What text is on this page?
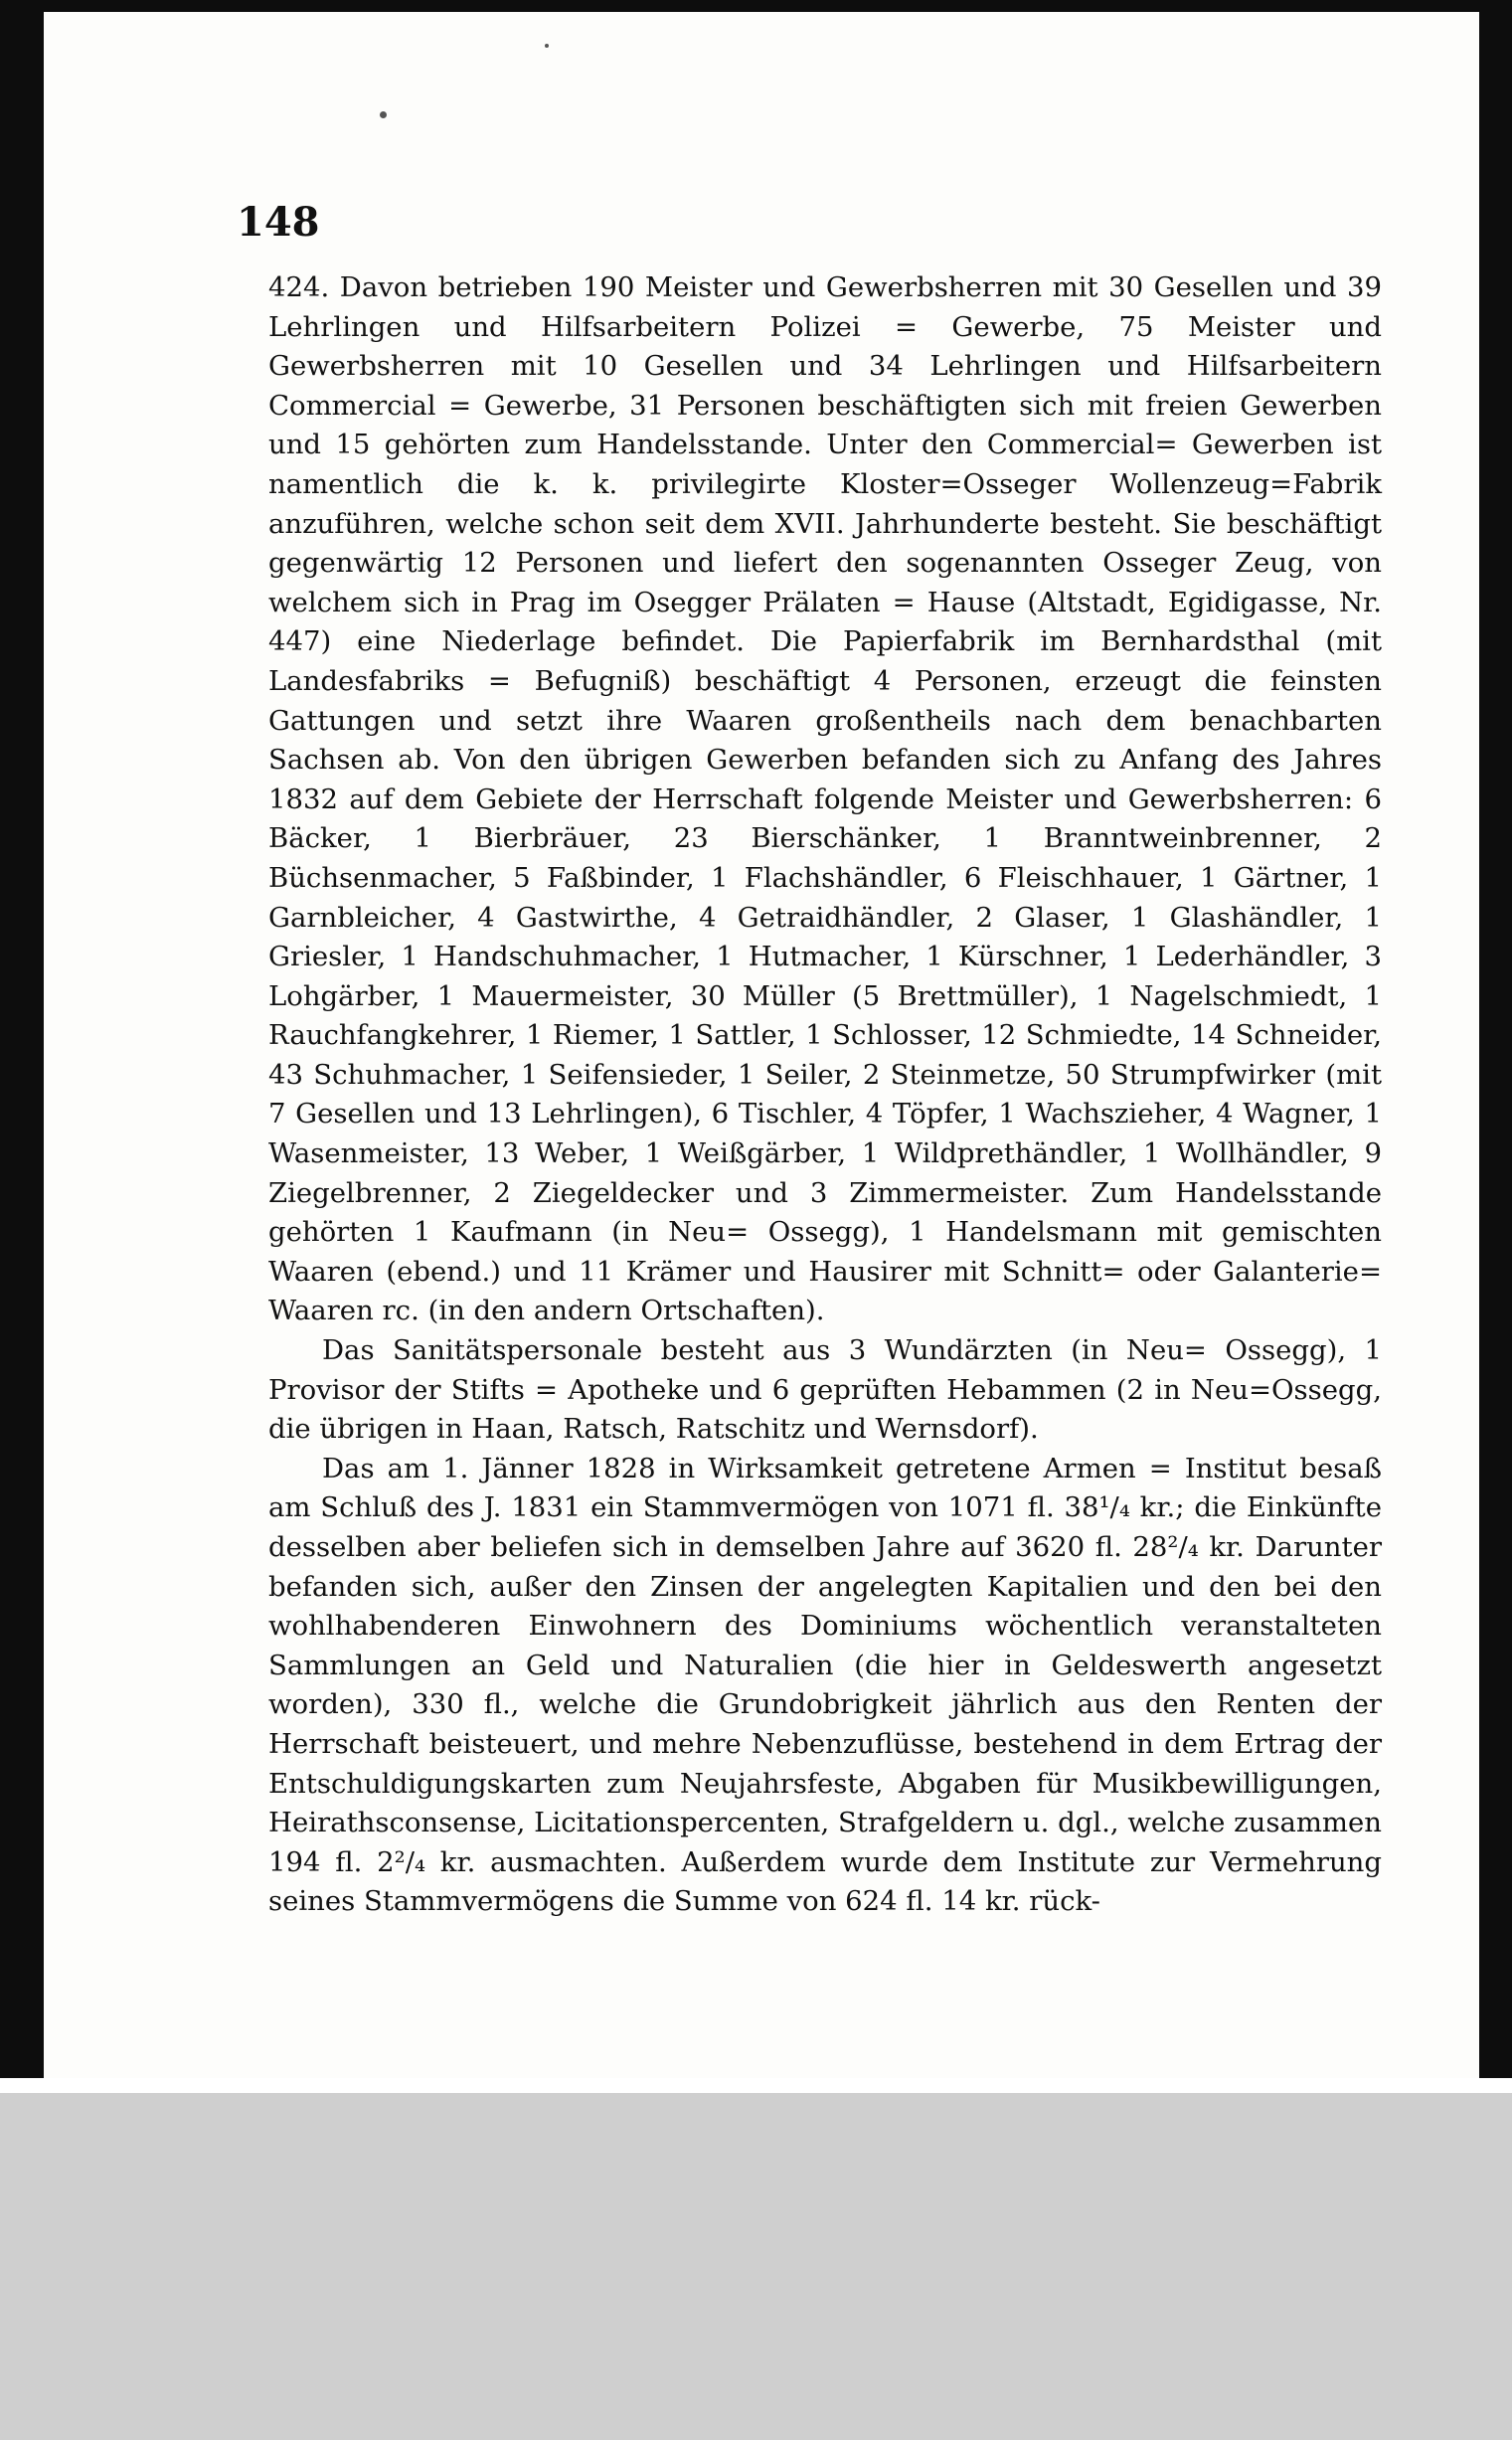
148

424. Davon betrieben 190 Meister und Gewerbsherren mit 30 Gesellen und 39 Lehrlingen und Hilfsarbeitern Polizei = Gewerbe, 75 Meister und Gewerbsherren mit 10 Gesellen und 34 Lehrlingen und Hilfsarbeitern Commercial = Gewerbe, 31 Personen beschäftigten sich mit freien Gewerben und 15 gehörten zum Handelsstande. Unter den Commercial= Gewerben ist namentlich die k. k. privilegirte Kloster=Osseger Wollenzeug=Fabrik anzuführen, welche schon seit dem XVII. Jahrhunderte besteht. Sie beschäftigt gegenwärtig 12 Personen und liefert den sogenannten Osseger Zeug, von welchem sich in Prag im Osegger Prälaten = Hause (Altstadt, Egidigasse, Nr. 447) eine Niederlage befindet. Die Papierfabrik im Bernhardsthal (mit Landesfabriks = Befugniß) beschäftigt 4 Personen, erzeugt die feinsten Gattungen und setzt ihre Waaren großentheils nach dem benachbarten Sachsen ab. Von den übrigen Gewerben befanden sich zu Anfang des Jahres 1832 auf dem Gebiete der Herrschaft folgende Meister und Gewerbsherren: 6 Bäcker, 1 Bierbräuer, 23 Bierschänker, 1 Branntweinbrenner, 2 Büchsenmacher, 5 Faßbinder, 1 Flachshändler, 6 Fleischhauer, 1 Gärtner, 1 Garnbleicher, 4 Gastwirthe, 4 Getraidhändler, 2 Glaser, 1 Glashändler, 1 Griesler, 1 Handschuhmacher, 1 Hutmacher, 1 Kürschner, 1 Lederhändler, 3 Lohgärber, 1 Mauermeister, 30 Müller (5 Brettmüller), 1 Nagelschmiedt, 1 Rauchfangkehrer, 1 Riemer, 1 Sattler, 1 Schlosser, 12 Schmiedte, 14 Schneider, 43 Schuhmacher, 1 Seifensieder, 1 Seiler, 2 Steinmetze, 50 Strumpfwirker (mit 7 Gesellen und 13 Lehrlingen), 6 Tischler, 4 Töpfer, 1 Wachszieher, 4 Wagner, 1 Wasenmeister, 13 Weber, 1 Weißgärber, 1 Wildprethändler, 1 Wollhändler, 9 Ziegelbrenner, 2 Ziegeldecker und 3 Zimmermeister. Zum Handelsstande gehörten 1 Kaufmann (in Neu= Ossegg), 1 Handelsmann mit gemischten Waaren (ebend.) und 11 Krämer und Hausirer mit Schnitt= oder Galanterie= Waaren rc. (in den andern Ortschaften).

Das Sanitätspersonale besteht aus 3 Wundärzten (in Neu= Ossegg), 1 Provisor der Stifts = Apotheke und 6 geprüften Hebammen (2 in Neu=Ossegg, die übrigen in Haan, Ratsch, Ratschitz und Wernsdorf).

Das am 1. Jänner 1828 in Wirksamkeit getretene Armen = Institut besaß am Schluß des J. 1831 ein Stammvermögen von 1071 fl. 38¹/₄ kr.; die Einkünfte desselben aber beliefen sich in demselben Jahre auf 3620 fl. 28²/₄ kr. Darunter befanden sich, außer den Zinsen der angelegten Kapitalien und den bei den wohlhabenderen Einwohnern des Dominiums wöchentlich veranstalteten Sammlungen an Geld und Naturalien (die hier in Geldeswerth angesetzt worden), 330 fl., welche die Grundobrigkeit jährlich aus den Renten der Herrschaft beisteuert, und mehre Nebenzuflüsse, bestehend in dem Ertrag der Entschuldigungskarten zum Neujahrsfeste, Abgaben für Musikbewilligungen, Heirathsconsense, Licitationspercenten, Strafgeldern u. dgl., welche zusammen 194 fl. 2²/₄ kr. ausmachten. Außerdem wurde dem Institute zur Vermehrung seines Stammvermögens die Summe von 624 fl. 14 kr. rück-
